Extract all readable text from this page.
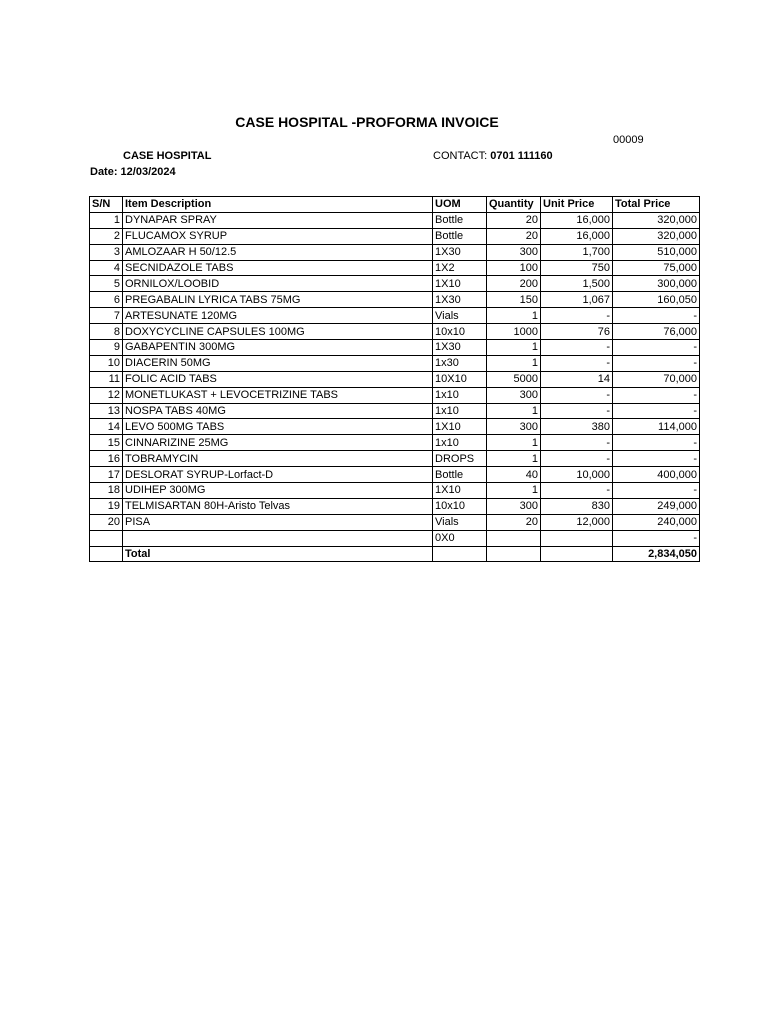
CASE HOSPITAL -PROFORMA INVOICE
00009
CASE HOSPITAL	CONTACT: 0701 111160
Date: 12/03/2024
S/N	Item Description	UOM	Quantity	Unit Price	Total Price
1	DYNAPAR SPRAY	Bottle	20	16,000	320,000
2	FLUCAMOX SYRUP	Bottle	20	16,000	320,000
3	AMLOZAAR H 50/12.5	1X30	300	1,700	510,000
4	SECNIDAZOLE TABS	1X2	100	750	75,000
5	ORNILOX/LOOBID	1X10	200	1,500	300,000
6	PREGABALIN LYRICA TABS 75MG	1X30	150	1,067	160,050
7	ARTESUNATE 120MG	Vials	1	-	-
8	DOXYCYCLINE CAPSULES 100MG	10x10	1000	76	76,000
9	GABAPENTIN 300MG	1X30	1	-	-
10	DIACERIN 50MG	1x30	1	-	-
11	FOLIC ACID TABS	10X10	5000	14	70,000
12	MONETLUKAST + LEVOCETRIZINE TABS	1x10	300	-	-
13	NOSPA TABS 40MG	1x10	1	-	-
14	LEVO 500MG TABS	1X10	300	380	114,000
15	CINNARIZINE 25MG	1x10	1	-	-
16	TOBRAMYCIN	DROPS	1	-	-
17	DESLORAT SYRUP-Lorfact-D	Bottle	40	10,000	400,000
18	UDIHEP 300MG	1X10	1	-	-
19	TELMISARTAN 80H-Aristo Telvas	10x10	300	830	249,000
20	PISA	Vials	20	12,000	240,000
		0X0			-
	Total				2,834,050
